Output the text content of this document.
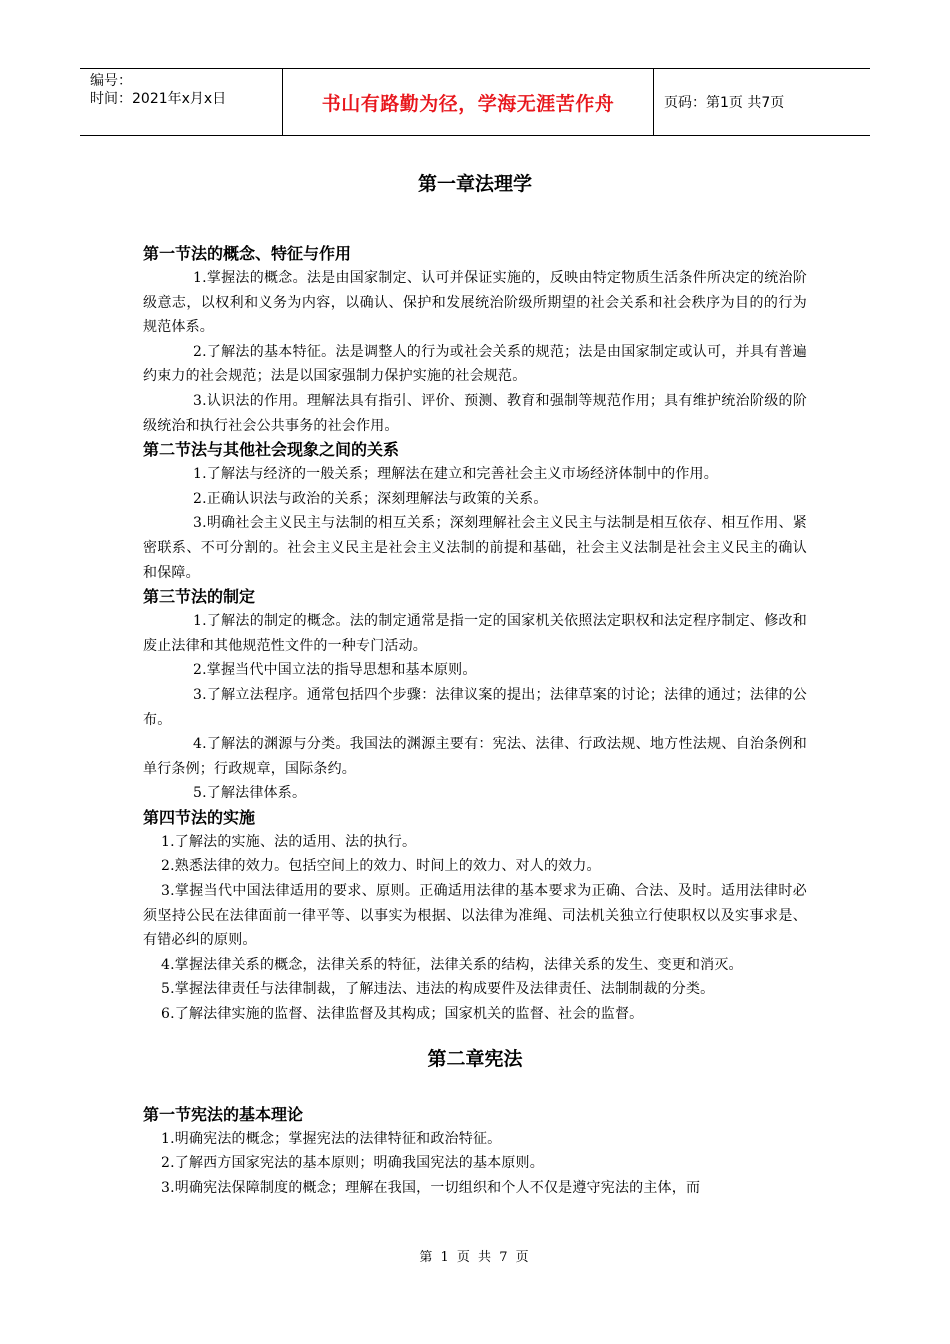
编号：
时间：2021年x月x日	书山有路勤为径，学海无涯苦作舟	页码：第1页 共7页
第一章法理学
第一节法的概念、特征与作用

1.掌握法的概念。法是由国家制定、认可并保证实施的，反映由特定物质生活条件所决定的统治阶级意志，以权利和义务为内容，以确认、保护和发展统治阶级所期望的社会关系和社会秩序为目的的行为规范体系。

2.了解法的基本特征。法是调整人的行为或社会关系的规范；法是由国家制定或认可，并具有普遍约束力的社会规范；法是以国家强制力保护实施的社会规范。

3.认识法的作用。理解法具有指引、评价、预测、教育和强制等规范作用；具有维护统治阶级的阶级统治和执行社会公共事务的社会作用。

第二节法与其他社会现象之间的关系

1.了解法与经济的一般关系；理解法在建立和完善社会主义市场经济体制中的作用。

2.正确认识法与政治的关系；深刻理解法与政策的关系。

3.明确社会主义民主与法制的相互关系；深刻理解社会主义民主与法制是相互依存、相互作用、紧密联系、不可分割的。社会主义民主是社会主义法制的前提和基础，社会主义法制是社会主义民主的确认和保障。

第三节法的制定

1.了解法的制定的概念。法的制定通常是指一定的国家机关依照法定职权和法定程序制定、修改和废止法律和其他规范性文件的一种专门活动。

2.掌握当代中国立法的指导思想和基本原则。

3.了解立法程序。通常包括四个步骤：法律议案的提出；法律草案的讨论；法律的通过；法律的公布。

4.了解法的渊源与分类。我国法的渊源主要有：宪法、法律、行政法规、地方性法规、自治条例和单行条例；行政规章，国际条约。

5.了解法律体系。

第四节法的实施

1.了解法的实施、法的适用、法的执行。

2.熟悉法律的效力。包括空间上的效力、时间上的效力、对人的效力。

3.掌握当代中国法律适用的要求、原则。正确适用法律的基本要求为正确、合法、及时。适用法律时必须坚持公民在法律面前一律平等、以事实为根据、以法律为准绳、司法机关独立行使职权以及实事求是、有错必纠的原则。

4.掌握法律关系的概念，法律关系的特征，法律关系的结构，法律关系的发生、变更和消灭。

5.掌握法律责任与法律制裁，了解违法、违法的构成要件及法律责任、法制制裁的分类。

6.了解法律实施的监督、法律监督及其构成；国家机关的监督、社会的监督。

第二章宪法
第一节宪法的基本理论

1.明确宪法的概念；掌握宪法的法律特征和政治特征。

2.了解西方国家宪法的基本原则；明确我国宪法的基本原则。

3.明确宪法保障制度的概念；理解在我国，一切组织和个人不仅是遵守宪法的主体，而

第 1 页 共 7 页
